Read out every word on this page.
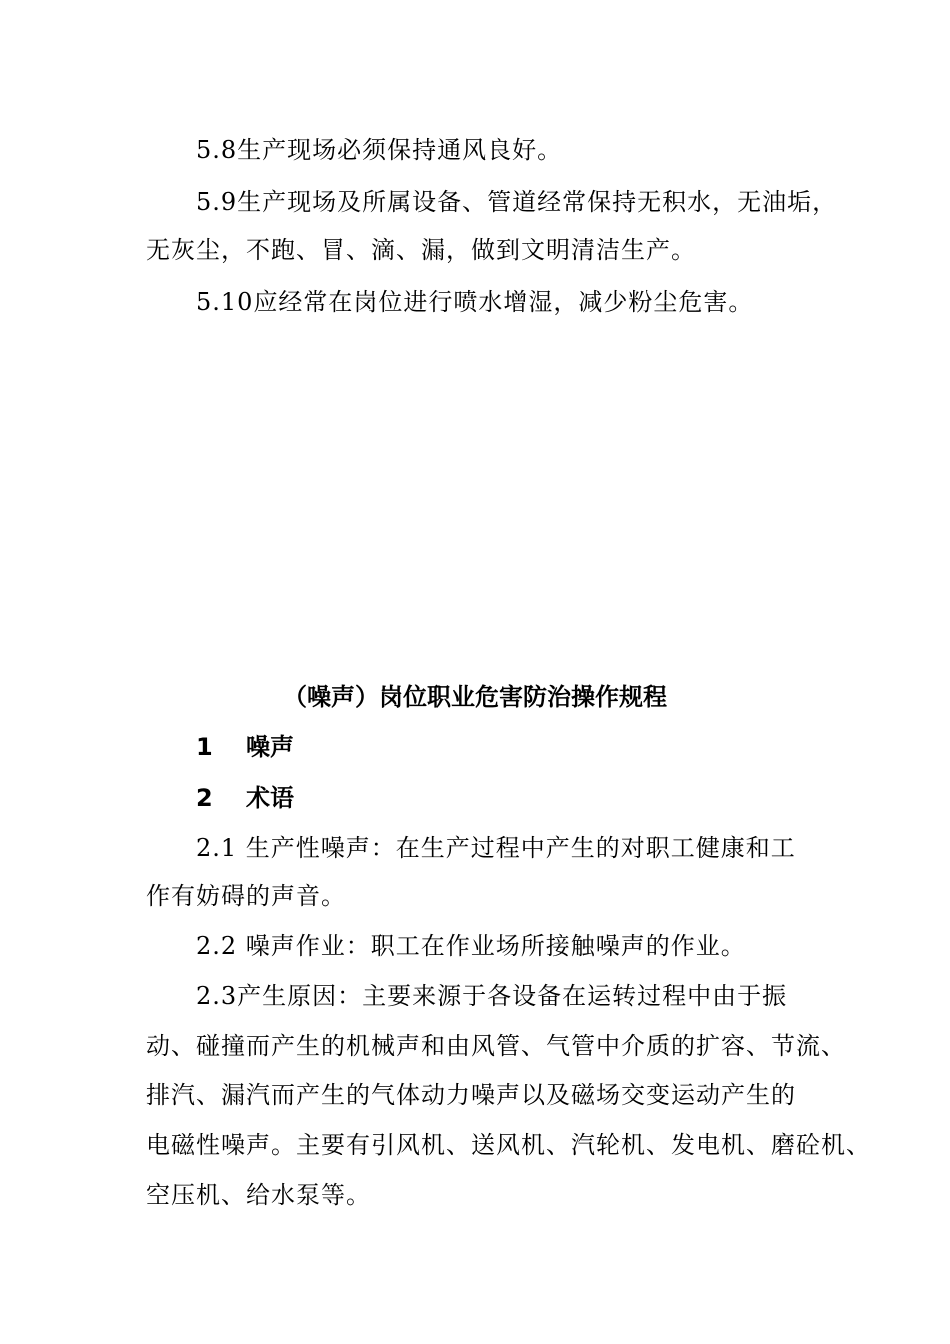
5.8生产现场必须保持通风良好。
5.9生产现场及所属设备、管道经常保持无积水，无油垢，
无灰尘，不跑、冒、滴、漏，做到文明清洁生产。
5.10应经常在岗位进行喷水增湿，减少粉尘危害。
（噪声）岗位职业危害防治操作规程
1 噪声
2 术语
2.1 生产性噪声：在生产过程中产生的对职工健康和工
作有妨碍的声音。
2.2 噪声作业：职工在作业场所接触噪声的作业。
2.3产生原因：主要来源于各设备在运转过程中由于振
动、碰撞而产生的机械声和由风管、气管中介质的扩容、节流、
排汽、漏汽而产生的气体动力噪声以及磁场交变运动产生的
电磁性噪声。主要有引风机、送风机、汽轮机、发电机、磨砼机、
空压机、给水泵等。
